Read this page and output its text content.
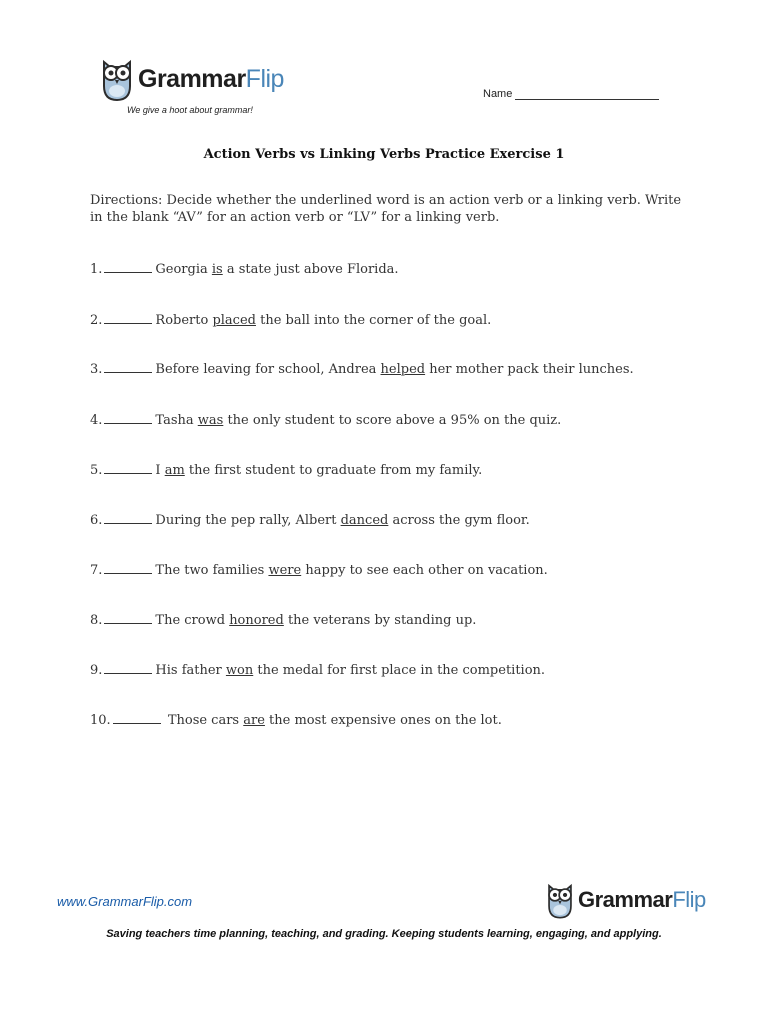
GrammarFlip
We give a hoot about grammar!
Name
Action Verbs vs Linking Verbs Practice Exercise 1
Directions: Decide whether the underlined word is an action verb or a linking verb. Write in the blank “AV” for an action verb or “LV” for a linking verb.
1.	Georgia is a state just above Florida.
2.	Roberto placed the ball into the corner of the goal.
3.	Before leaving for school, Andrea helped her mother pack their lunches.
4.	Tasha was the only student to score above a 95% on the quiz.
5.	I am the first student to graduate from my family.
6.	During the pep rally, Albert danced across the gym floor.
7.	The two families were happy to see each other on vacation.
8.	The crowd honored the veterans by standing up.
9.	His father won the medal for first place in the competition.
10.	Those cars are the most expensive ones on the lot.
www.GrammarFlip.com	GrammarFlip
Saving teachers time planning, teaching, and grading. Keeping students learning, engaging, and applying.
